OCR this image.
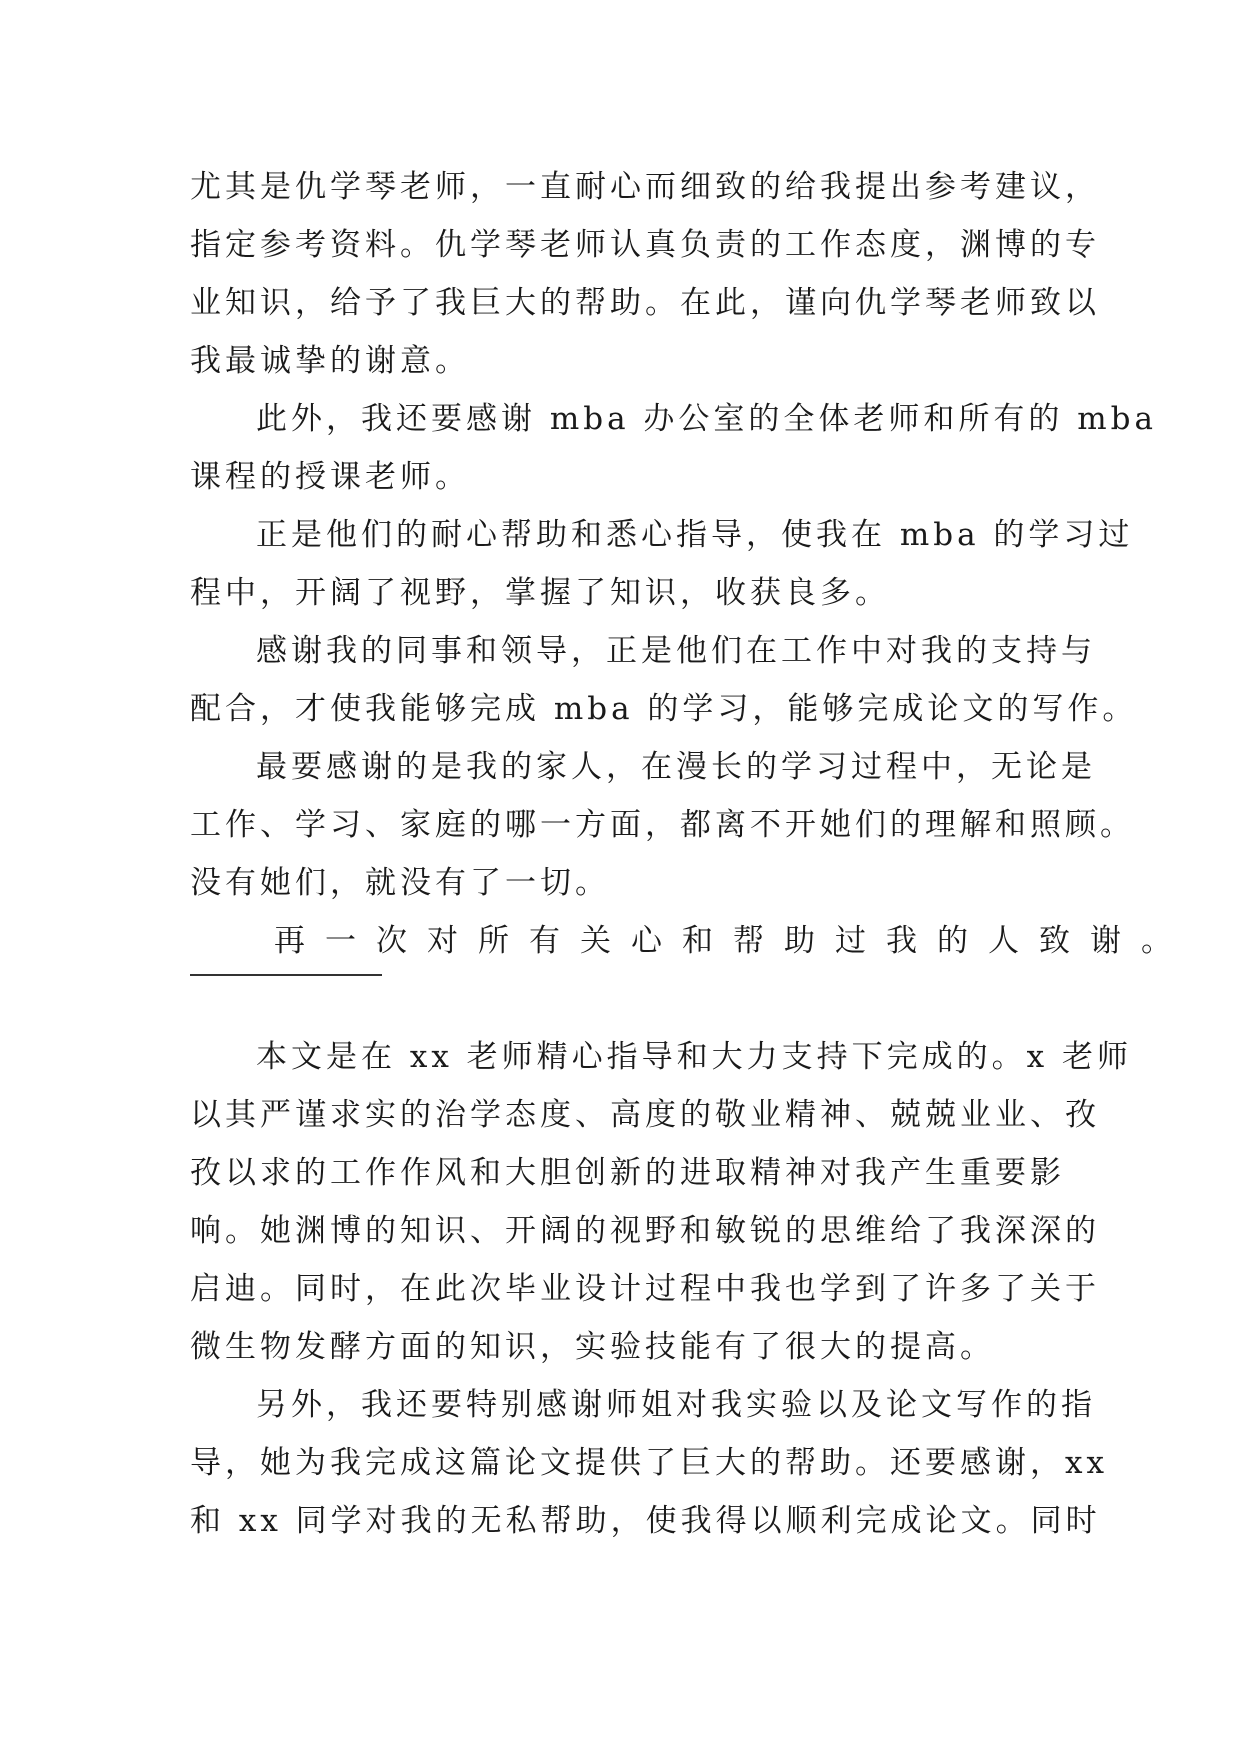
尤其是仇学琴老师，一直耐心而细致的给我提出参考建议，
指定参考资料。仇学琴老师认真负责的工作态度，渊博的专
业知识，给予了我巨大的帮助。在此，谨向仇学琴老师致以
我最诚挚的谢意。
此外，我还要感谢 mba 办公室的全体老师和所有的 mba
课程的授课老师。
正是他们的耐心帮助和悉心指导，使我在 mba 的学习过
程中，开阔了视野，掌握了知识，收获良多。
感谢我的同事和领导，正是他们在工作中对我的支持与
配合，才使我能够完成 mba 的学习，能够完成论文的写作。
最要感谢的是我的家人，在漫长的学习过程中，无论是
工作、学习、家庭的哪一方面，都离不开她们的理解和照顾。
没有她们，就没有了一切。
再一次对所有关心和帮助过我的人致谢。
本文是在 xx 老师精心指导和大力支持下完成的。x 老师
以其严谨求实的治学态度、高度的敬业精神、兢兢业业、孜
孜以求的工作作风和大胆创新的进取精神对我产生重要影
响。她渊博的知识、开阔的视野和敏锐的思维给了我深深的
启迪。同时，在此次毕业设计过程中我也学到了许多了关于
微生物发酵方面的知识，实验技能有了很大的提高。
另外，我还要特别感谢师姐对我实验以及论文写作的指
导，她为我完成这篇论文提供了巨大的帮助。还要感谢，xx
和 xx 同学对我的无私帮助，使我得以顺利完成论文。同时
